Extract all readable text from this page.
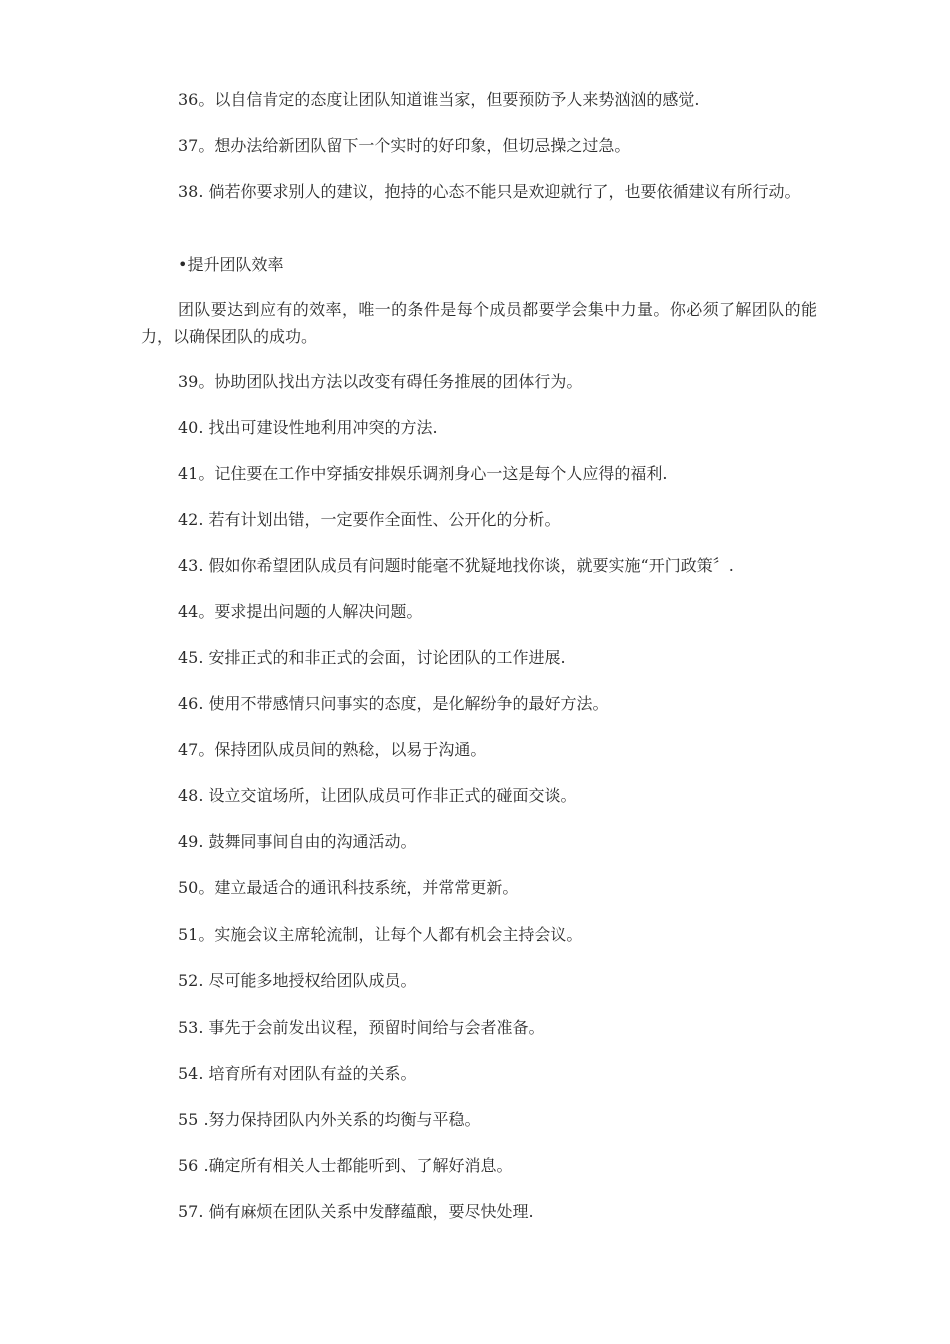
36。以自信肯定的态度让团队知道谁当家，但要预防予人来势汹汹的感觉.

37。想办法给新团队留下一个实时的好印象，但切忌操之过急。

38. 倘若你要求别人的建议，抱持的心态不能只是欢迎就行了，也要依循建议有所行动。

•提升团队效率

团队要达到应有的效率，唯一的条件是每个成员都要学会集中力量。你必须了解团队的能力，以确保团队的成功。

39。协助团队找出方法以改变有碍任务推展的团体行为。

40. 找出可建设性地利用冲突的方法.

41。记住要在工作中穿插安排娱乐调剂身心一这是每个人应得的福利.

42. 若有计划出错，一定要作全面性、公开化的分析。

43. 假如你希望团队成员有问题时能毫不犹疑地找你谈，就要实施“开门政策〞.

44。要求提出问题的人解决问题。

45. 安排正式的和非正式的会面，讨论团队的工作进展.

46. 使用不带感情只问事实的态度，是化解纷争的最好方法。

47。保持团队成员间的熟稔，以易于沟通。

48. 设立交谊场所，让团队成员可作非正式的碰面交谈。

49. 鼓舞同事间自由的沟通活动。

50。建立最适合的通讯科技系统，并常常更新。

51。实施会议主席轮流制，让每个人都有机会主持会议。

52. 尽可能多地授权给团队成员。

53. 事先于会前发出议程，预留时间给与会者准备。

54. 培育所有对团队有益的关系。

55 .努力保持团队内外关系的均衡与平稳。

56 .确定所有相关人士都能听到、了解好消息。

57. 倘有麻烦在团队关系中发酵蕴酿，要尽快处理.
